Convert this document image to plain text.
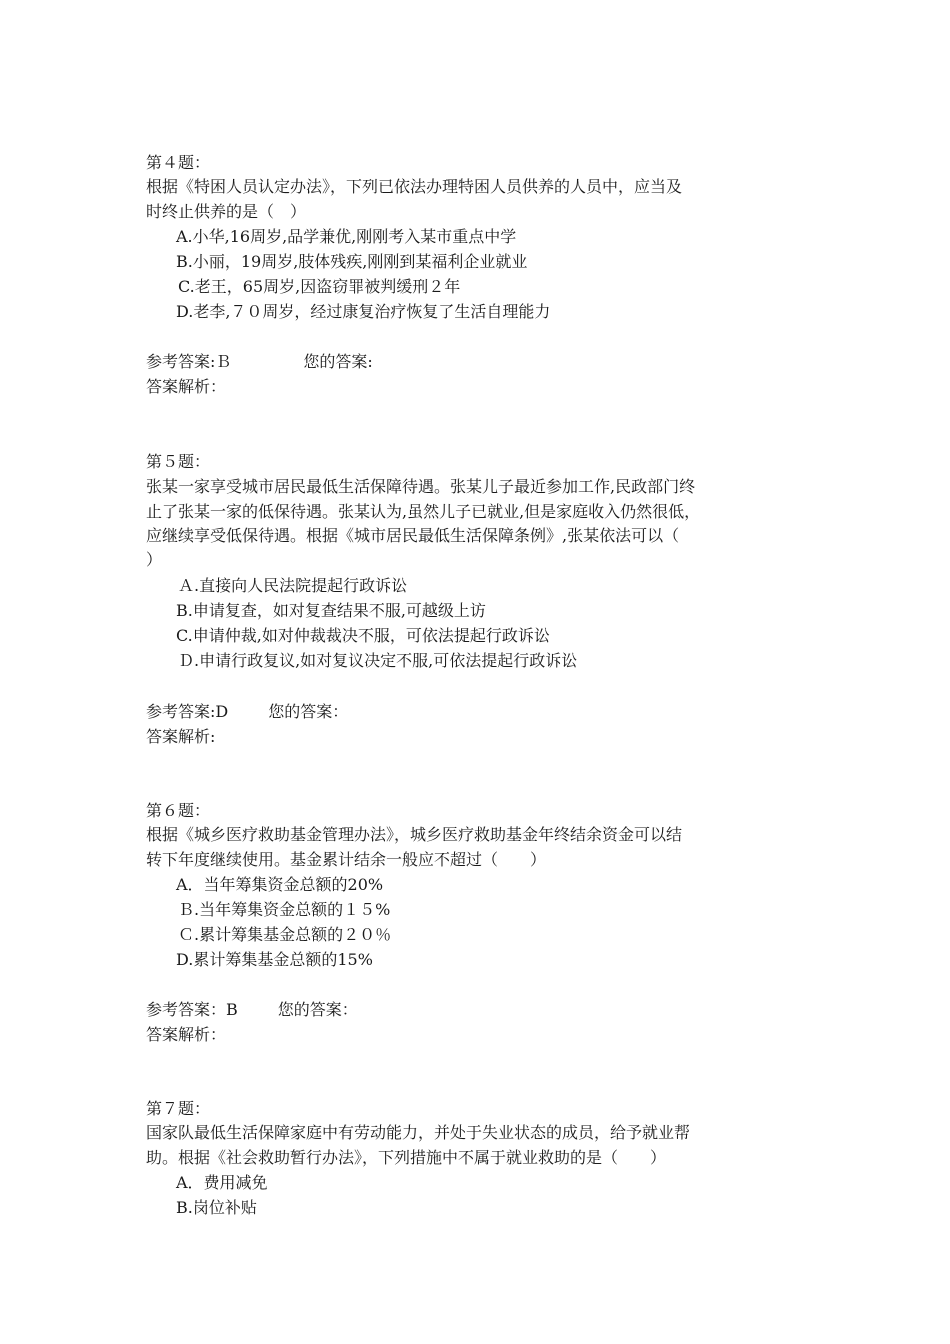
第４题：
根据《特困人员认定办法》，下列已依法办理特困人员供养的人员中，应当及
时终止供养的是（　）
A.小华,16周岁,品学兼优,刚刚考入某市重点中学
B.小丽，19周岁,肢体残疾,刚刚到某福利企业就业
C.老王，65周岁,因盗窃罪被判缓刑２年
D.老李,７０周岁，经过康复治疗恢复了生活自理能力
参考答案:Ｂ	您的答案:
答案解析：
第５题：
张某一家享受城市居民最低生活保障待遇。张某儿子最近参加工作,民政部门终
止了张某一家的低保待遇。张某认为,虽然儿子已就业,但是家庭收入仍然很低，
应继续享受低保待遇。根据《城市居民最低生活保障条例》,张某依法可以（
）
Ａ.直接向人民法院提起行政诉讼
B.申请复查，如对复查结果不服,可越级上访
C.申请仲裁,如对仲裁裁决不服，可依法提起行政诉讼
Ｄ.申请行政复议,如对复议决定不服,可依法提起行政诉讼
参考答案:D	您的答案：
答案解析:
第６题：
根据《城乡医疗救助基金管理办法》，城乡医疗救助基金年终结余资金可以结
转下年度继续使用。基金累计结余一般应不超过（　　）
A．当年筹集资金总额的20%
Ｂ.当年筹集资金总额的１５%
Ｃ.累计筹集基金总额的２０％
D.累计筹集基金总额的15%
参考答案：B	您的答案：
答案解析：
第７题：
国家队最低生活保障家庭中有劳动能力，并处于失业状态的成员，给予就业帮
助。根据《社会救助暂行办法》，下列措施中不属于就业救助的是（　　）
A．费用减免
B.岗位补贴
